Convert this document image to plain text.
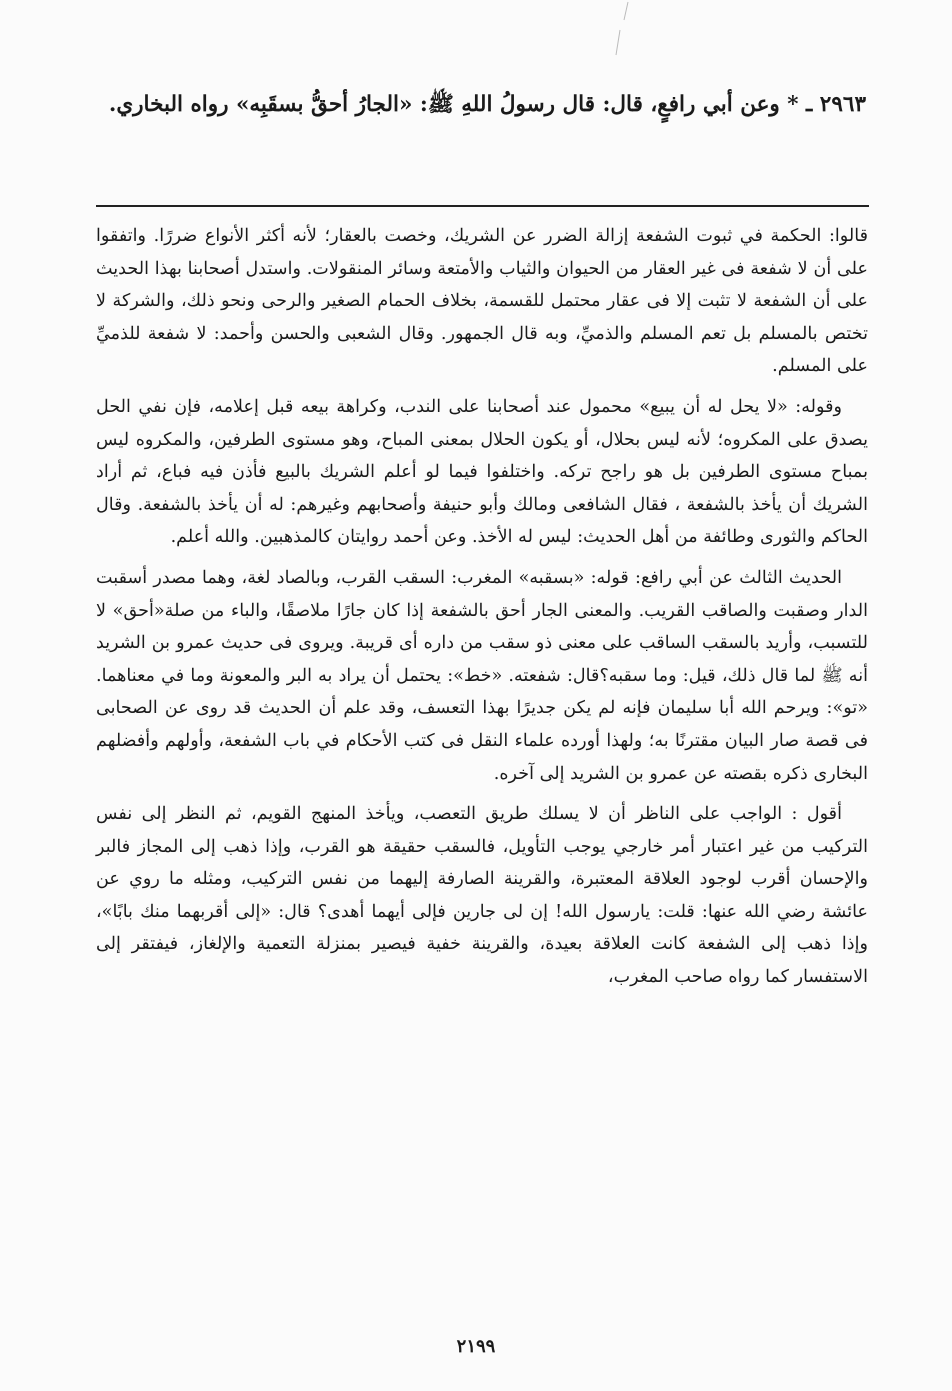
٢٩٦٣ ـ * وعن أبي رافعٍ، قال: قال رسولُ اللهِ ﷺ: «الجارُ أحقُّ بسقَبِه» رواه البخاري.

قالوا: الحكمة في ثبوت الشفعة إزالة الضرر عن الشريك، وخصت بالعقار؛ لأنه أكثر الأنواع ضررًا. واتفقوا على أن لا شفعة فى غير العقار من الحيوان والثياب والأمتعة وسائر المنقولات. واستدل أصحابنا بهذا الحديث على أن الشفعة لا تثبت إلا فى عقار محتمل للقسمة، بخلاف الحمام الصغير والرحى ونحو ذلك، والشركة لا تختص بالمسلم بل تعم المسلم والذميِّ، وبه قال الجمهور. وقال الشعبى والحسن وأحمد: لا شفعة للذميِّ على المسلم.

وقوله: «لا يحل له أن يبيع» محمول عند أصحابنا على الندب، وكراهة بيعه قبل إعلامه، فإن نفي الحل يصدق على المكروه؛ لأنه ليس بحلال، أو يكون الحلال بمعنى المباح، وهو مستوى الطرفين، والمكروه ليس بمباح مستوى الطرفين بل هو راجح تركه. واختلفوا فيما لو أعلم الشريك بالبيع فأذن فيه فباع، ثم أراد الشريك أن يأخذ بالشفعة ، فقال الشافعى ومالك وأبو حنيفة وأصحابهم وغيرهم: له أن يأخذ بالشفعة. وقال الحاكم والثورى وطائفة من أهل الحديث: ليس له الأخذ. وعن أحمد روايتان كالمذهبين. والله أعلم.

الحديث الثالث عن أبي رافع: قوله: «بسقبه» المغرب: السقب القرب، وبالصاد لغة، وهما مصدر أسقبت الدار وصقبت والصاقب القريب. والمعنى الجار أحق بالشفعة إذا كان جارًا ملاصقًا، والباء من صلة«أحق» لا للتسبب، وأريد بالسقب الساقب على معنى ذو سقب من داره أى قريبة. ويروى فى حديث عمرو بن الشريد أنه ﷺ لما قال ذلك، قيل: وما سقبه؟قال: شفعته. «خط»: يحتمل أن يراد به البر والمعونة وما في معناهما. «تو»: ويرحم الله أبا سليمان فإنه لم يكن جديرًا بهذا التعسف، وقد علم أن الحديث قد روى عن الصحابى فى قصة صار البيان مقترنًا به؛ ولهذا أورده علماء النقل فى كتب الأحكام في باب الشفعة، وأولهم وأفضلهم البخارى ذكره بقصته عن عمرو بن الشريد إلى آخره.

أقول : الواجب على الناظر أن لا يسلك طريق التعصب، ويأخذ المنهج القويم، ثم النظر إلى نفس التركيب من غير اعتبار أمر خارجي يوجب التأويل، فالسقب حقيقة هو القرب، وإذا ذهب إلى المجاز فالبر والإحسان أقرب لوجود العلاقة المعتبرة، والقرينة الصارفة إليهما من نفس التركيب، ومثله ما روي عن عائشة رضي الله عنها: قلت: يارسول الله! إن لى جارين فإلى أيهما أهدى؟ قال: «إلى أقربهما منك بابًا»، وإذا ذهب إلى الشفعة كانت العلاقة بعيدة، والقرينة خفية فيصير بمنزلة التعمية والإلغاز، فيفتقر إلى الاستفسار كما رواه صاحب المغرب،

٢١٩٩
